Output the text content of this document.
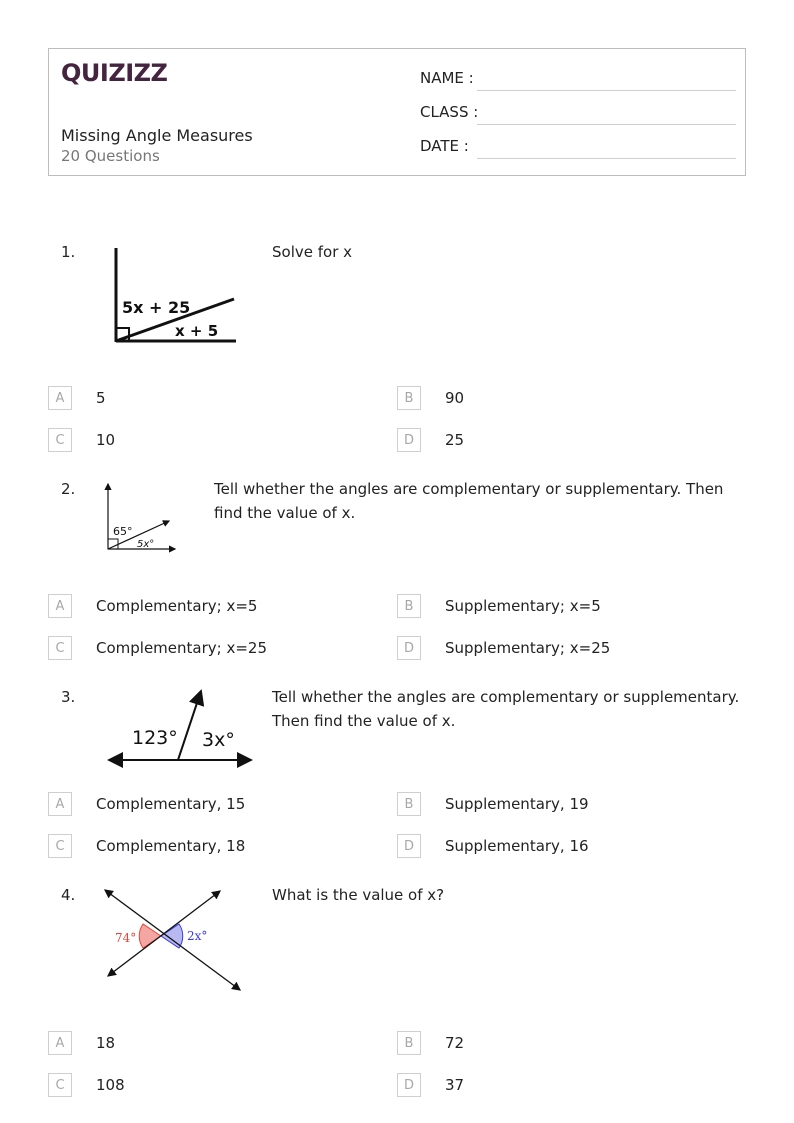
QUIZIZZ
Missing Angle Measures
20 Questions
NAME :
CLASS :
DATE :
1.
5x + 25
x + 5
Solve for x
A	5	B	90
C	10	D	25
2.
65°
5x°
Tell whether the angles are complementary or supplementary. Then
find the value of x.
A	Complementary; x=5	B	Supplementary; x=5
C	Complementary; x=25	D	Supplementary; x=25
3.
123° 3x°
Tell whether the angles are complementary or supplementary.
Then find the value of x.
A	Complementary, 15	B	Supplementary, 19
C	Complementary, 18	D	Supplementary, 16
4.
74°	2x°
What is the value of x?
A	18	B	72
C	108	D	37
